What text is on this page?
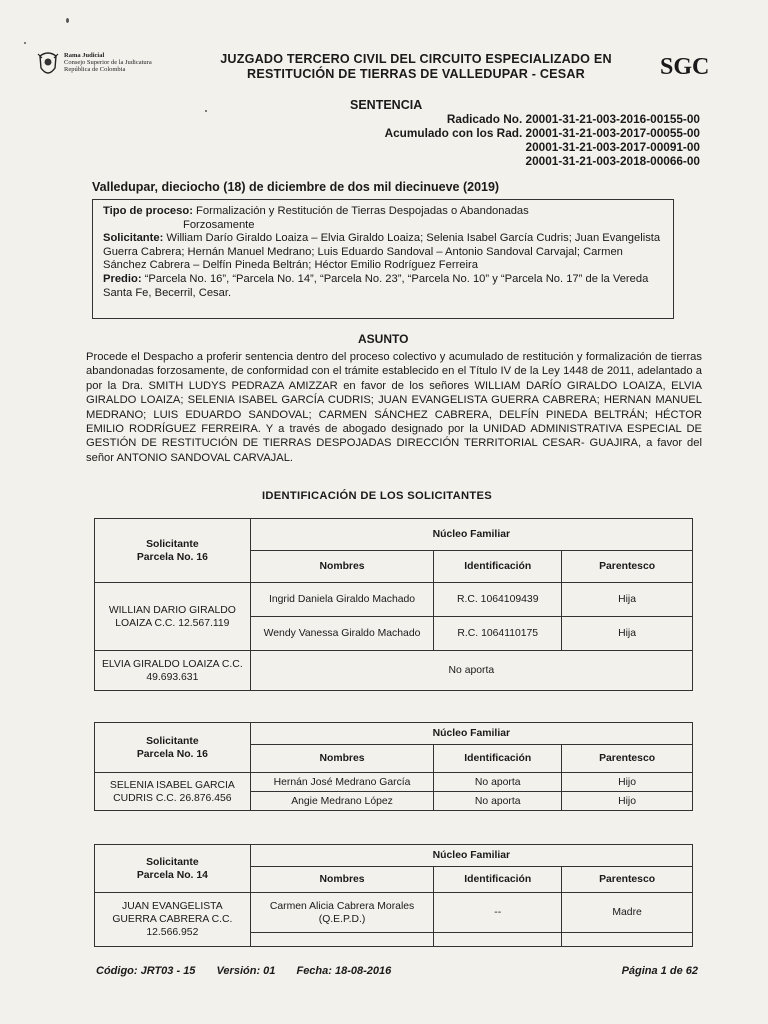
Rama Judicial
Consejo Superior de la Judicatura
República de Colombia
JUZGADO TERCERO CIVIL DEL CIRCUITO ESPECIALIZADO EN
RESTITUCIÓN DE TIERRAS DE VALLEDUPAR - CESAR	SGC
SENTENCIA
Radicado No. 20001-31-21-003-2016-00155-00
Acumulado con los Rad. 20001-31-21-003-2017-00055-00
20001-31-21-003-2017-00091-00
20001-31-21-003-2018-00066-00
Valledupar, dieciocho (18) de diciembre de dos mil diecinueve (2019)

Tipo de proceso: Formalización y Restitución de Tierras Despojadas o Abandonadas

Forzosamente

Solicitante: William Darío Giraldo Loaiza – Elvia Giraldo Loaiza; Selenia Isabel García Cudris; Juan Evangelista Guerra Cabrera; Hernán Manuel Medrano; Luis Eduardo Sandoval – Antonio Sandoval Carvajal; Carmen Sánchez Cabrera – Delfín Pineda Beltrán; Héctor Emilio Rodríguez Ferreira

Predio: “Parcela No. 16”, “Parcela No. 14”, “Parcela No. 23”, “Parcela No. 10” y “Parcela No. 17” de la Vereda Santa Fe, Becerril, Cesar.

ASUNTO
Procede el Despacho a proferir sentencia dentro del proceso colectivo y acumulado de restitución y formalización de tierras abandonadas forzosamente, de conformidad con el trámite establecido en el Título IV de la Ley 1448 de 2011, adelantado a por la Dra. SMITH LUDYS PEDRAZA AMIZZAR en favor de los señores WILLIAM DARÍO GIRALDO LOAIZA, ELVIA GIRALDO LOAIZA; SELENIA ISABEL GARCÍA CUDRIS; JUAN EVANGELISTA GUERRA CABRERA; HERNAN MANUEL MEDRANO; LUIS EDUARDO SANDOVAL; CARMEN SÁNCHEZ CABRERA, DELFÍN PINEDA BELTRÁN; HÉCTOR EMILIO RODRÍGUEZ FERREIRA. Y a través de abogado designado por la UNIDAD ADMINISTRATIVA ESPECIAL DE GESTIÓN DE RESTITUCIÓN DE TIERRAS DESPOJADAS DIRECCIÓN TERRITORIAL CESAR- GUAJIRA, a favor del señor ANTONIO SANDOVAL CARVAJAL.
IDENTIFICACIÓN DE LOS SOLICITANTES
Solicitante
Parcela No. 16	Núcleo Familiar		
	Nombres	Identificación	Parentesco
WILLIAN DARIO GIRALDO LOAIZA C.C. 12.567.119	Ingrid Daniela Giraldo Machado	R.C. 1064109439	Hija
	Wendy Vanessa Giraldo Machado	R.C. 1064110175	Hija
ELVIA GIRALDO LOAIZA C.C. 49.693.631	No aporta		
Solicitante
Parcela No. 16	Núcleo Familiar		
	Nombres	Identificación	Parentesco
SELENIA ISABEL GARCIA CUDRIS C.C. 26.876.456	Hernán José Medrano García	No aporta	Hijo
	Angie Medrano López	No aporta	Hijo
Solicitante
Parcela No. 14	Núcleo Familiar		
	Nombres	Identificación	Parentesco
JUAN EVANGELISTA GUERRA CABRERA C.C. 12.566.952	Carmen Alicia Cabrera Morales (Q.E.P.D.)	--	Madre

Código: JRT03 - 15 Versión: 01 Fecha: 18-08-2016	Página 1 de 62
